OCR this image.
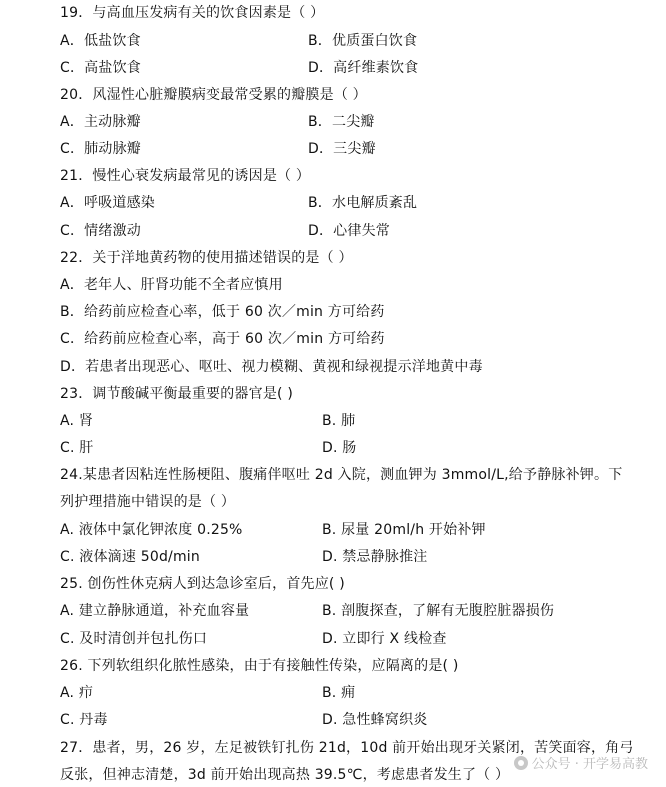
19．与高血压发病有关的饮食因素是（ ）
A．低盐饮食	B．优质蛋白饮食
C．高盐饮食	D．高纤维素饮食
20．风湿性心脏瓣膜病变最常受累的瓣膜是（ ）
A．主动脉瓣	B．二尖瓣
C．肺动脉瓣	D．三尖瓣
21．慢性心衰发病最常见的诱因是（ ）
A．呼吸道感染	B．水电解质紊乱
C．情绪激动	D．心律失常
22．关于洋地黄药物的使用描述错误的是（ ）
A．老年人、肝肾功能不全者应慎用
B．给药前应检查心率，低于 60 次／min 方可给药
C．给药前应检查心率，高于 60 次／min 方可给药
D．若患者出现恶心、呕吐、视力模糊、黄视和绿视提示洋地黄中毒
23．调节酸碱平衡最重要的器官是( )
A. 肾	B. 肺
C. 肝	D. 肠
24.某患者因粘连性肠梗阻、腹痛伴呕吐 2d 入院，测血钾为 3mmol/L,给予静脉补钾。下
列护理措施中错误的是（ ）
A. 液体中氯化钾浓度 0.25%	B. 尿量 20ml/h 开始补钾
C. 液体滴速 50d/min	D. 禁忌静脉推注
25. 创伤性休克病人到达急诊室后，首先应( )
A. 建立静脉通道，补充血容量	B. 剖腹探查，了解有无腹腔脏器损伤
C. 及时清创并包扎伤口	D. 立即行 X 线检查
26. 下列软组织化脓性感染，由于有接触性传染，应隔离的是( )
A. 疖	B. 痈
C. 丹毒	D. 急性蜂窝织炎
27．患者，男，26 岁，左足被铁钉扎伤 21d，10d 前开始出现牙关紧闭，苦笑面容，角弓
反张，但神志清楚，3d 前开始出现高热 39.5℃，考虑患者发生了（ ）
公众号 · 开学易高教
